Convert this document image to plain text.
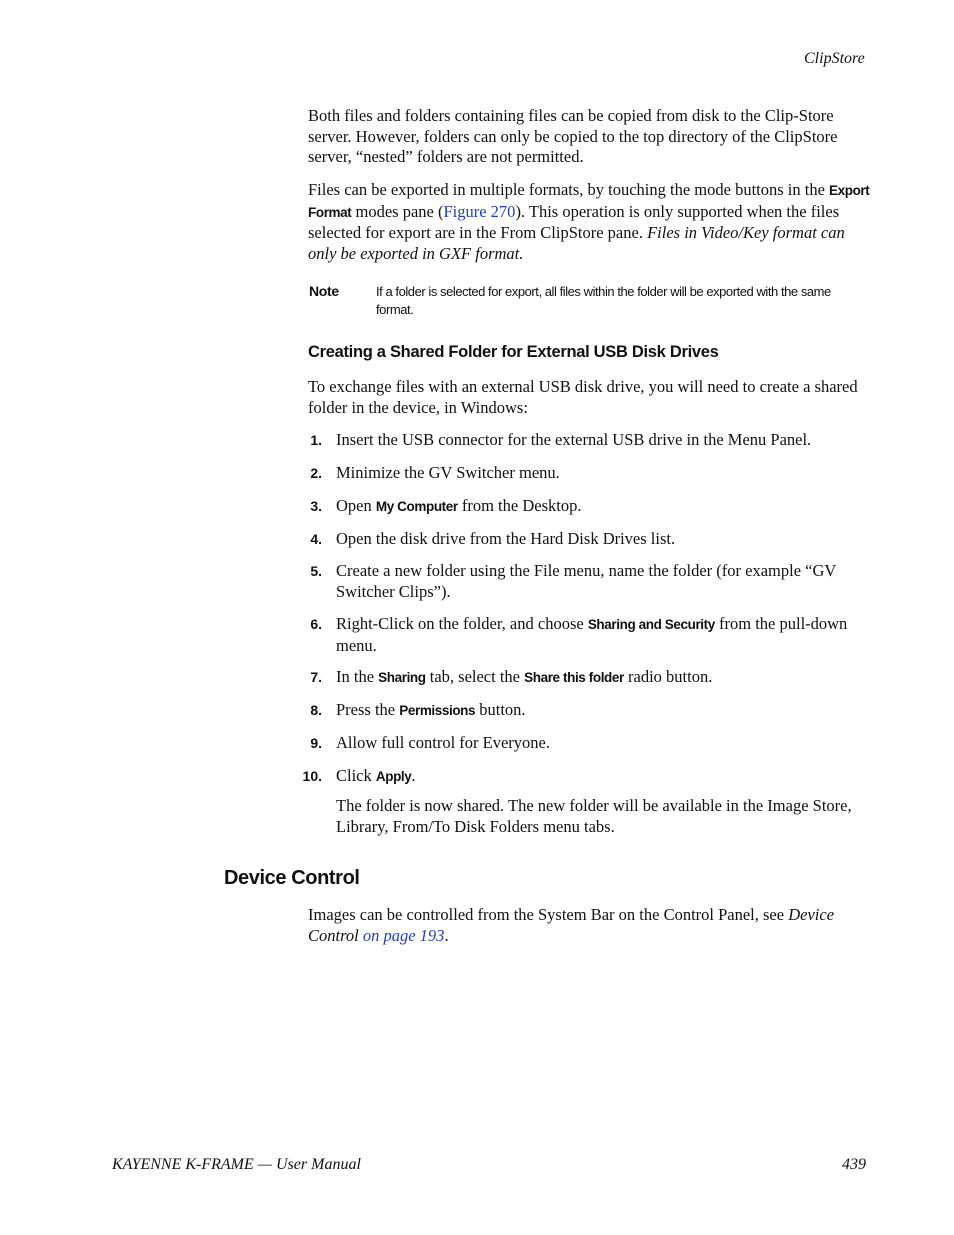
ClipStore
Both files and folders containing files can be copied from disk to the Clip-Store server. However, folders can only be copied to the top directory of the ClipStore server, “nested” folders are not permitted.
Files can be exported in multiple formats, by touching the mode buttons in the Export Format modes pane (Figure 270). This operation is only supported when the files selected for export are in the From ClipStore pane. Files in Video/Key format can only be exported in GXF format.
Note	If a folder is selected for export, all files within the folder will be exported with the same format.
Creating a Shared Folder for External USB Disk Drives
To exchange files with an external USB disk drive, you will need to create a shared folder in the device, in Windows:
1. Insert the USB connector for the external USB drive in the Menu Panel.
2. Minimize the GV Switcher menu.
3. Open My Computer from the Desktop.
4. Open the disk drive from the Hard Disk Drives list.
5. Create a new folder using the File menu, name the folder (for example “GV Switcher Clips”).
6. Right-Click on the folder, and choose Sharing and Security from the pull-down menu.
7. In the Sharing tab, select the Share this folder radio button.
8. Press the Permissions button.
9. Allow full control for Everyone.
10. Click Apply.
The folder is now shared. The new folder will be available in the Image Store, Library, From/To Disk Folders menu tabs.
Device Control
Images can be controlled from the System Bar on the Control Panel, see Device Control on page 193.
KAYENNE K-FRAME — User Manual	439
